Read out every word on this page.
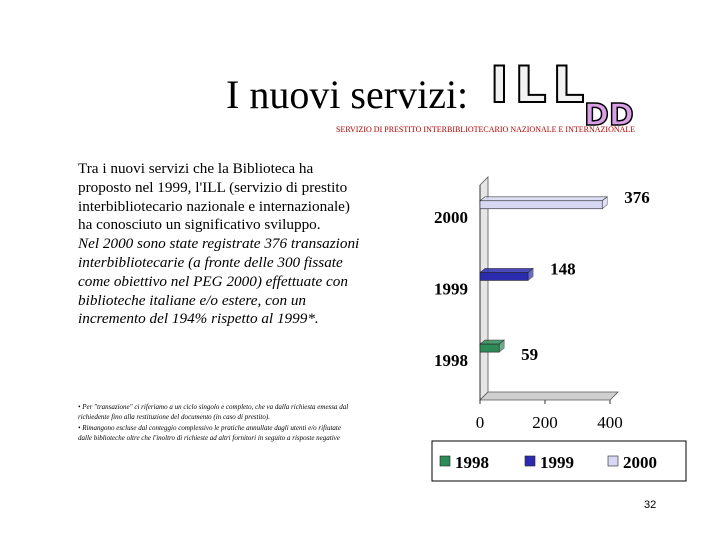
I nuovi servizi: ILL
DD
SERVIZIO DI PRESTITO INTERBIBLIOTECARIO NAZIONALE E INTERNAZIONALE

Tra i nuovi servizi che la Biblioteca ha proposto nel 1999, l'ILL (servizio di prestito interbibliotecario nazionale e internazionale) ha conosciuto un significativo sviluppo.

Nel 2000 sono state registrate 376 transazioni interbibliotecarie (a fronte delle 300 fissate come obiettivo nel PEG 2000) effettuate con biblioteche italiane e/o estere, con un incremento del 194% rispetto al 1999*.

• Per "transazione" ci riferiamo a un ciclo singolo e completo, che va dalla richiesta emessa dal richiedente fino alla restituzione del documento (in caso di prestito).

• Rimangono escluse dal conteggio complessivo le pratiche annullate dagli utenti e/o rifiutate dalle biblioteche oltre che l'inoltro di richieste ad altri fornitori in seguito a risposte negative

0	200 400
59
1998
148
1999
376
2000
1998	1999	2000
32
